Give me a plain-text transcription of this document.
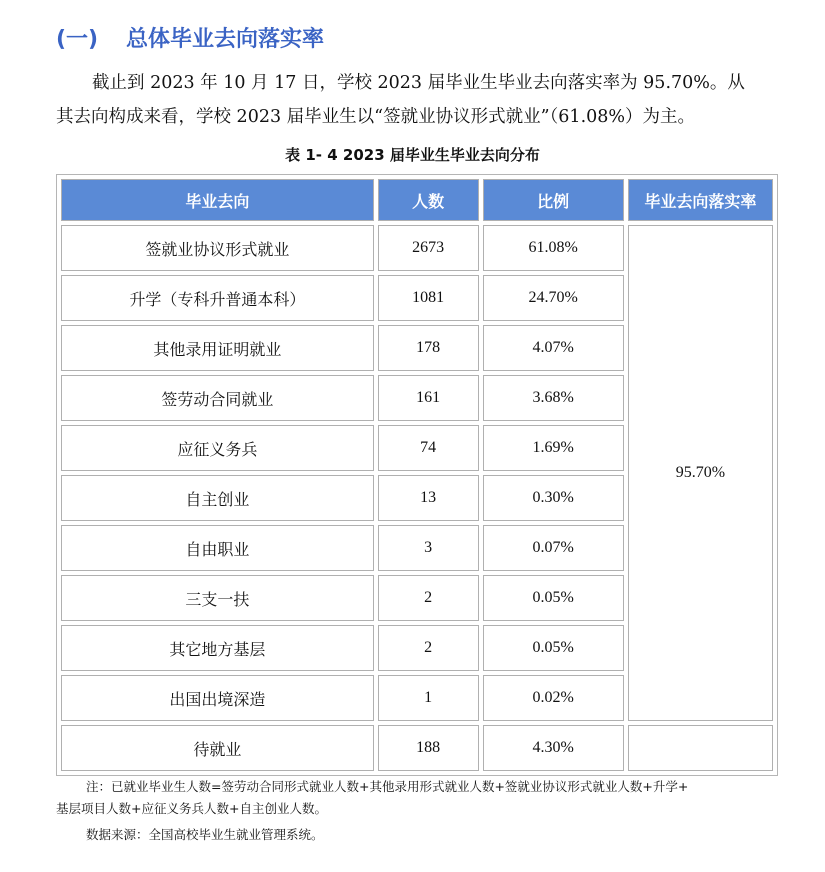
(一) 总体毕业去向落实率
截止到 2023 年 10 月 17 日，学校 2023 届毕业生毕业去向落实率为 95.70%。从
其去向构成来看，学校 2023 届毕业生以“签就业协议形式就业”（61.08%）为主。
表 1- 4 2023 届毕业生毕业去向分布
毕业去向	人数	比例	毕业去向落实率
签就业协议形式就业	2673	61.08%	95.70%
升学（专科升普通本科）	1081	24.70%	
其他录用证明就业	178	4.07%	
签劳动合同就业	161	3.68%	
应征义务兵	74	1.69%	
自主创业	13	0.30%	
自由职业	3	0.07%	
三支一扶	2	0.05%	
其它地方基层	2	0.05%	
出国出境深造	1	0.02%	
待就业	188	4.30%	
注：已就业毕业生人数=签劳动合同形式就业人数+其他录用形式就业人数+签就业协议形式就业人数+升学+
基层项目人数+应征义务兵人数+自主创业人数。
数据来源：全国高校毕业生就业管理系统。
